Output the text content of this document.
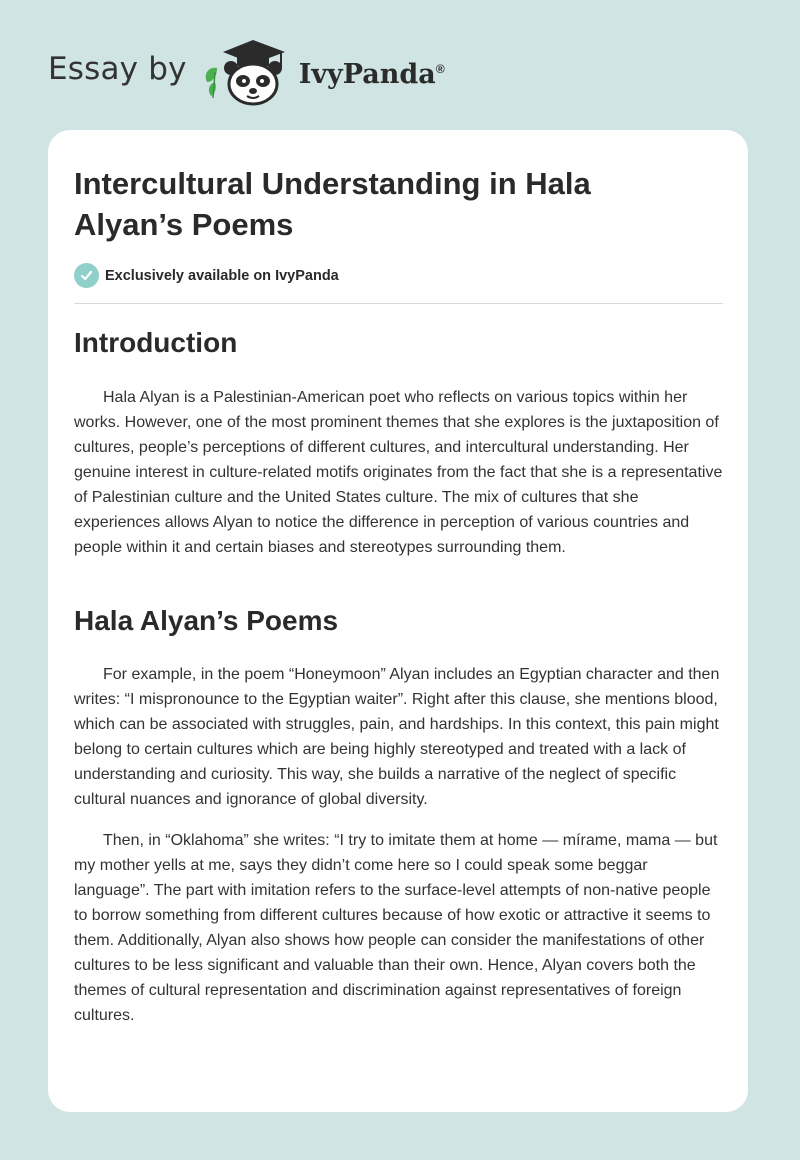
Essay by	IvyPanda®
Intercultural Understanding in Hala Alyan’s Poems
Exclusively available on IvyPanda
Introduction

Hala Alyan is a Palestinian-American poet who reflects on various topics within her works. However, one of the most prominent themes that she explores is the juxtaposition of cultures, people’s perceptions of different cultures, and intercultural understanding. Her genuine interest in culture-related motifs originates from the fact that she is a representative of Palestinian culture and the United States culture. The mix of cultures that she experiences allows Alyan to notice the difference in perception of various countries and people within it and certain biases and stereotypes surrounding them.

Hala Alyan’s Poems

For example, in the poem “Honeymoon” Alyan includes an Egyptian character and then writes: “I mispronounce to the Egyptian waiter”. Right after this clause, she mentions blood, which can be associated with struggles, pain, and hardships. In this context, this pain might belong to certain cultures which are being highly stereotyped and treated with a lack of understanding and curiosity. This way, she builds a narrative of the neglect of specific cultural nuances and ignorance of global diversity.

Then, in “Oklahoma” she writes: “I try to imitate them at home — mírame, mama — but my mother yells at me, says they didn’t come here so I could speak some beggar language”. The part with imitation refers to the surface-level attempts of non-native people to borrow something from different cultures because of how exotic or attractive it seems to them. Additionally, Alyan also shows how people can consider the manifestations of other cultures to be less significant and valuable than their own. Hence, Alyan covers both the themes of cultural representation and discrimination against representatives of foreign cultures.
